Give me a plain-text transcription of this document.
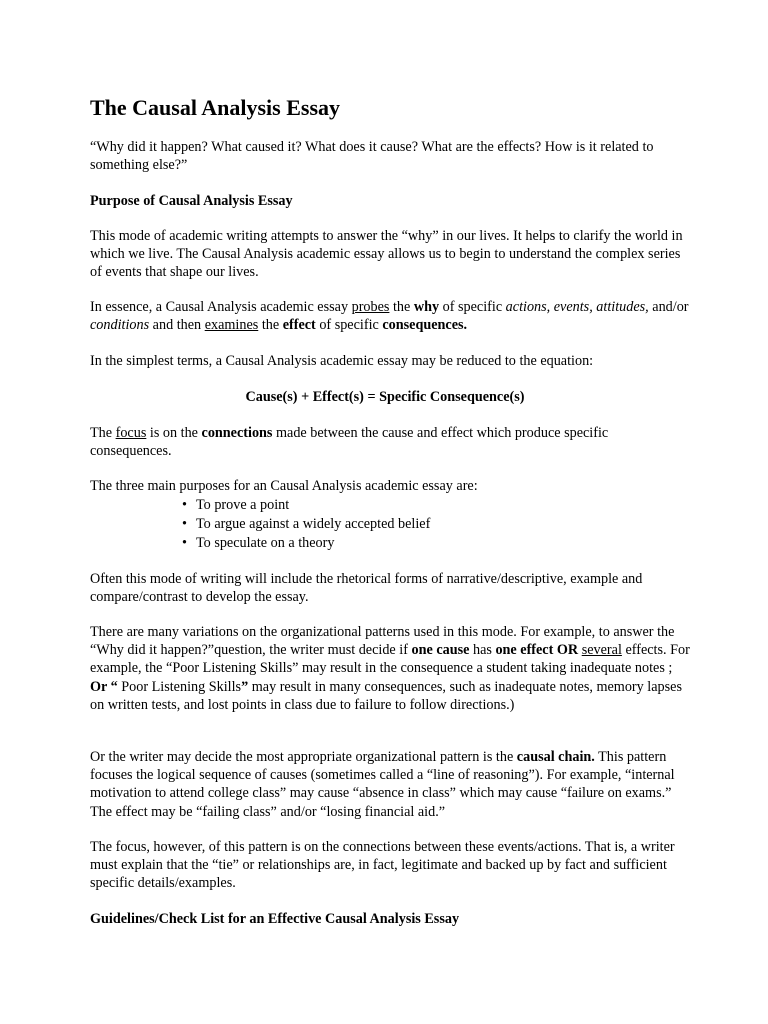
The Causal Analysis Essay

“Why did it happen? What caused it? What does it cause? What are the effects? How is it related to something else?”

Purpose of Causal Analysis Essay

This mode of academic writing attempts to answer the “why” in our lives. It helps to clarify the world in which we live. The Causal Analysis academic essay allows us to begin to understand the complex series of events that shape our lives.

In essence, a Causal Analysis academic essay probes the why of specific actions, events, attitudes, and/or conditions and then examines the effect of specific consequences.

In the simplest terms, a Causal Analysis academic essay may be reduced to the equation:

Cause(s) + Effect(s) = Specific Consequence(s)

The focus is on the connections made between the cause and effect which produce specific consequences.

The three main purposes for an Causal Analysis academic essay are:

• To prove a point
• To argue against a widely accepted belief
• To speculate on a theory

Often this mode of writing will include the rhetorical forms of narrative/descriptive, example and compare/contrast to develop the essay.

There are many variations on the organizational patterns used in this mode. For example, to answer the “Why did it happen?”question, the writer must decide if one cause has one effect OR several effects. For example, the “Poor Listening Skills” may result in the consequence a student taking inadequate notes ; Or “ Poor Listening Skills” may result in many consequences, such as inadequate notes, memory lapses on written tests, and lost points in class due to failure to follow directions.)

Or the writer may decide the most appropriate organizational pattern is the causal chain. This pattern focuses the logical sequence of causes (sometimes called a “line of reasoning”). For example, “internal motivation to attend college class” may cause “absence in class” which may cause “failure on exams.” The effect may be “failing class” and/or “losing financial aid.”

The focus, however, of this pattern is on the connections between these events/actions. That is, a writer must explain that the “tie” or relationships are, in fact, legitimate and backed up by fact and sufficient specific details/examples.

Guidelines/Check List for an Effective Causal Analysis Essay
